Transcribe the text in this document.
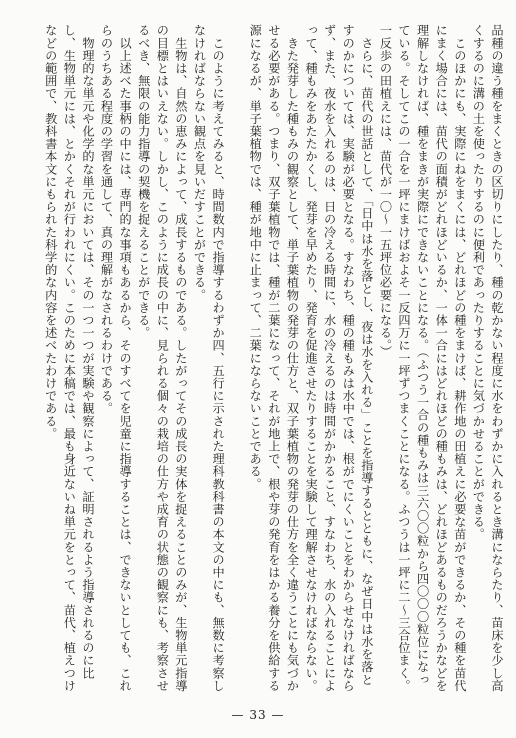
品種の違う種をまくときの区切りにしたり、種の乾かない程度に水をわずかに入れるとき溝にならたり、苗床を少し高くするのに溝の土を使ったりするのに便利であったりすることに気づかせることができる。

　このほかにも、実際にねをまくには、どれほどの種をまけば、耕作地の田植えに必要な苗ができるか、その種を苗代にまく場合には、苗代の面積がどれほどいるか、一体一合にはどれほどの種もみは、どれほどあるものだろうかなどを理解しなければ、種をまきが実際にできないことになる。（ふつう一合の種もみは三六〇〇粒から四〇〇〇粒位になっている。そしてこの一合を一坪にまけばおよそ一反四万に一坪ずつまくことになる。ふつうは一坪に二～三合位まく。一反歩の田植えには、苗代が一〇～一五坪位必要になる。）

　さらに、苗代の世話として、「日中は水を落とし、夜は水を入れる」ことを指導するとともに、なぜ日中は水を落とすのかについては、実験が必要となる。すなわち、種の種もみは水中では、根がでにくいことをわからせなければならず、また、夜水を入れるのは、日の冷える時間に、水の冷えるのは時間がかかること、すなわち、水の入れることによって、種もみをあたたかくし、発芽を早めたり、発育を促進させたりすることを実験して理解させなければならない。

　きた発芽した種もみの観察として、単子葉植物の発芽の仕方と、双子葉植物の発芽の仕方を全く違うことにも気づかせる必要がある。つまり、双子葉植物では、種が二葉になって、それが地上で、根や芽の発育をはかる養分を供給する源になるが、単子葉植物では、種が地中に止まって、二葉にならないことである。

　このように考えてみると、時間数内で指導するわずか四、五行に示された理科教科書の本文の中にも、無数に考察しなければならない観点を見いだすことができる。

　生物は、自然の恵みによって、成長するものである。したがってその成長の実体を捉えることのみが、生物単元指導の目標とはいえない。しかし、このように成長の中に、見られる個々の栽培の仕方や成育の状態の観察にも、考察させるべき、無限の能力指導の契機を捉えることができる。

　以上述べた事柄の中には、専門的な事項もあるから、そのすべてを児童に指導することは、できないとしても、これらのうちある程度の学習を通して、真の理解がなされるわけである。

　物理的な単元や化学的な単元においては、その一つ一つが実験や観察によって、証明されるよう指導されるのに比し、生物単元には、とかくそれが行われにくい。このために本稿では、最も身近ないね単元をとって、苗代、植えつけなどの範囲で、教科書本文にもられた科学的な内容を述べたわけである。

— 33 —
